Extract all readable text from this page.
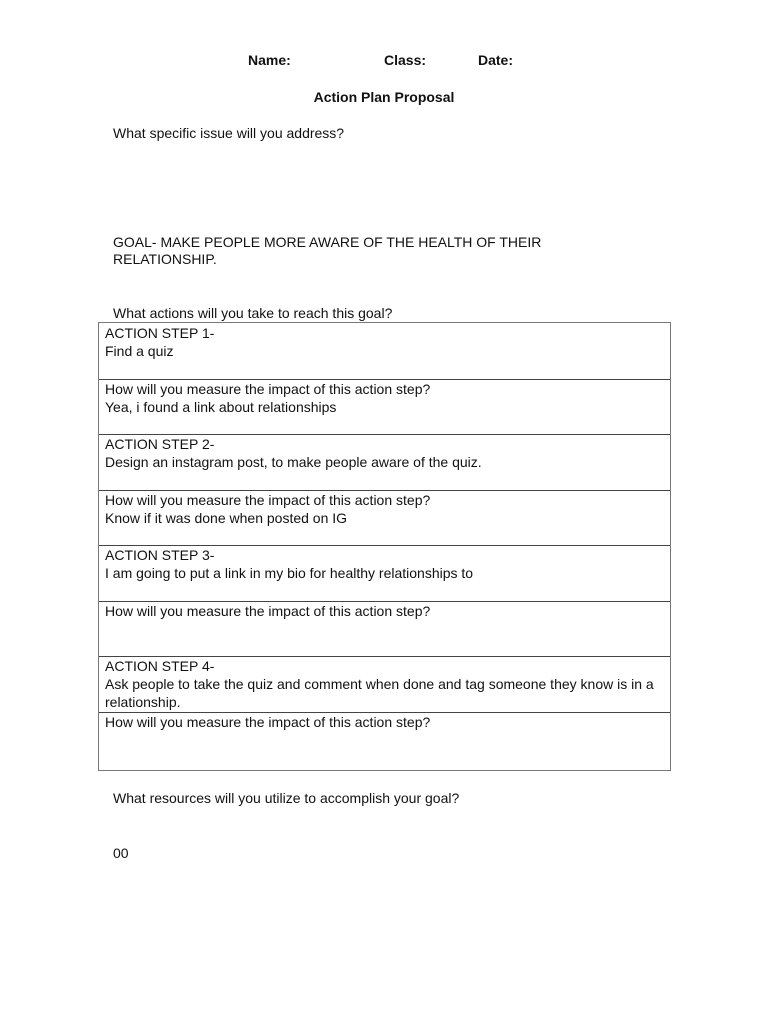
Name:	Class:	Date:
Action Plan Proposal
What specific issue will you address?
GOAL- MAKE PEOPLE MORE AWARE OF THE HEALTH OF THEIR RELATIONSHIP.
What actions will you take to reach this goal?
ACTION STEP 1-
Find a quiz
How will you measure the impact of this action step?
Yea, i found a link about relationships
ACTION STEP 2-
Design an instagram post, to make people aware of the quiz.
How will you measure the impact of this action step?
Know if it was done when posted on IG
ACTION STEP 3-
I am going to put a link in my bio for healthy relationships to
How will you measure the impact of this action step?
ACTION STEP 4-
Ask people to take the quiz and comment when done and tag someone they know is in a relationship.
How will you measure the impact of this action step?
What resources will you utilize to accomplish your goal?
00
